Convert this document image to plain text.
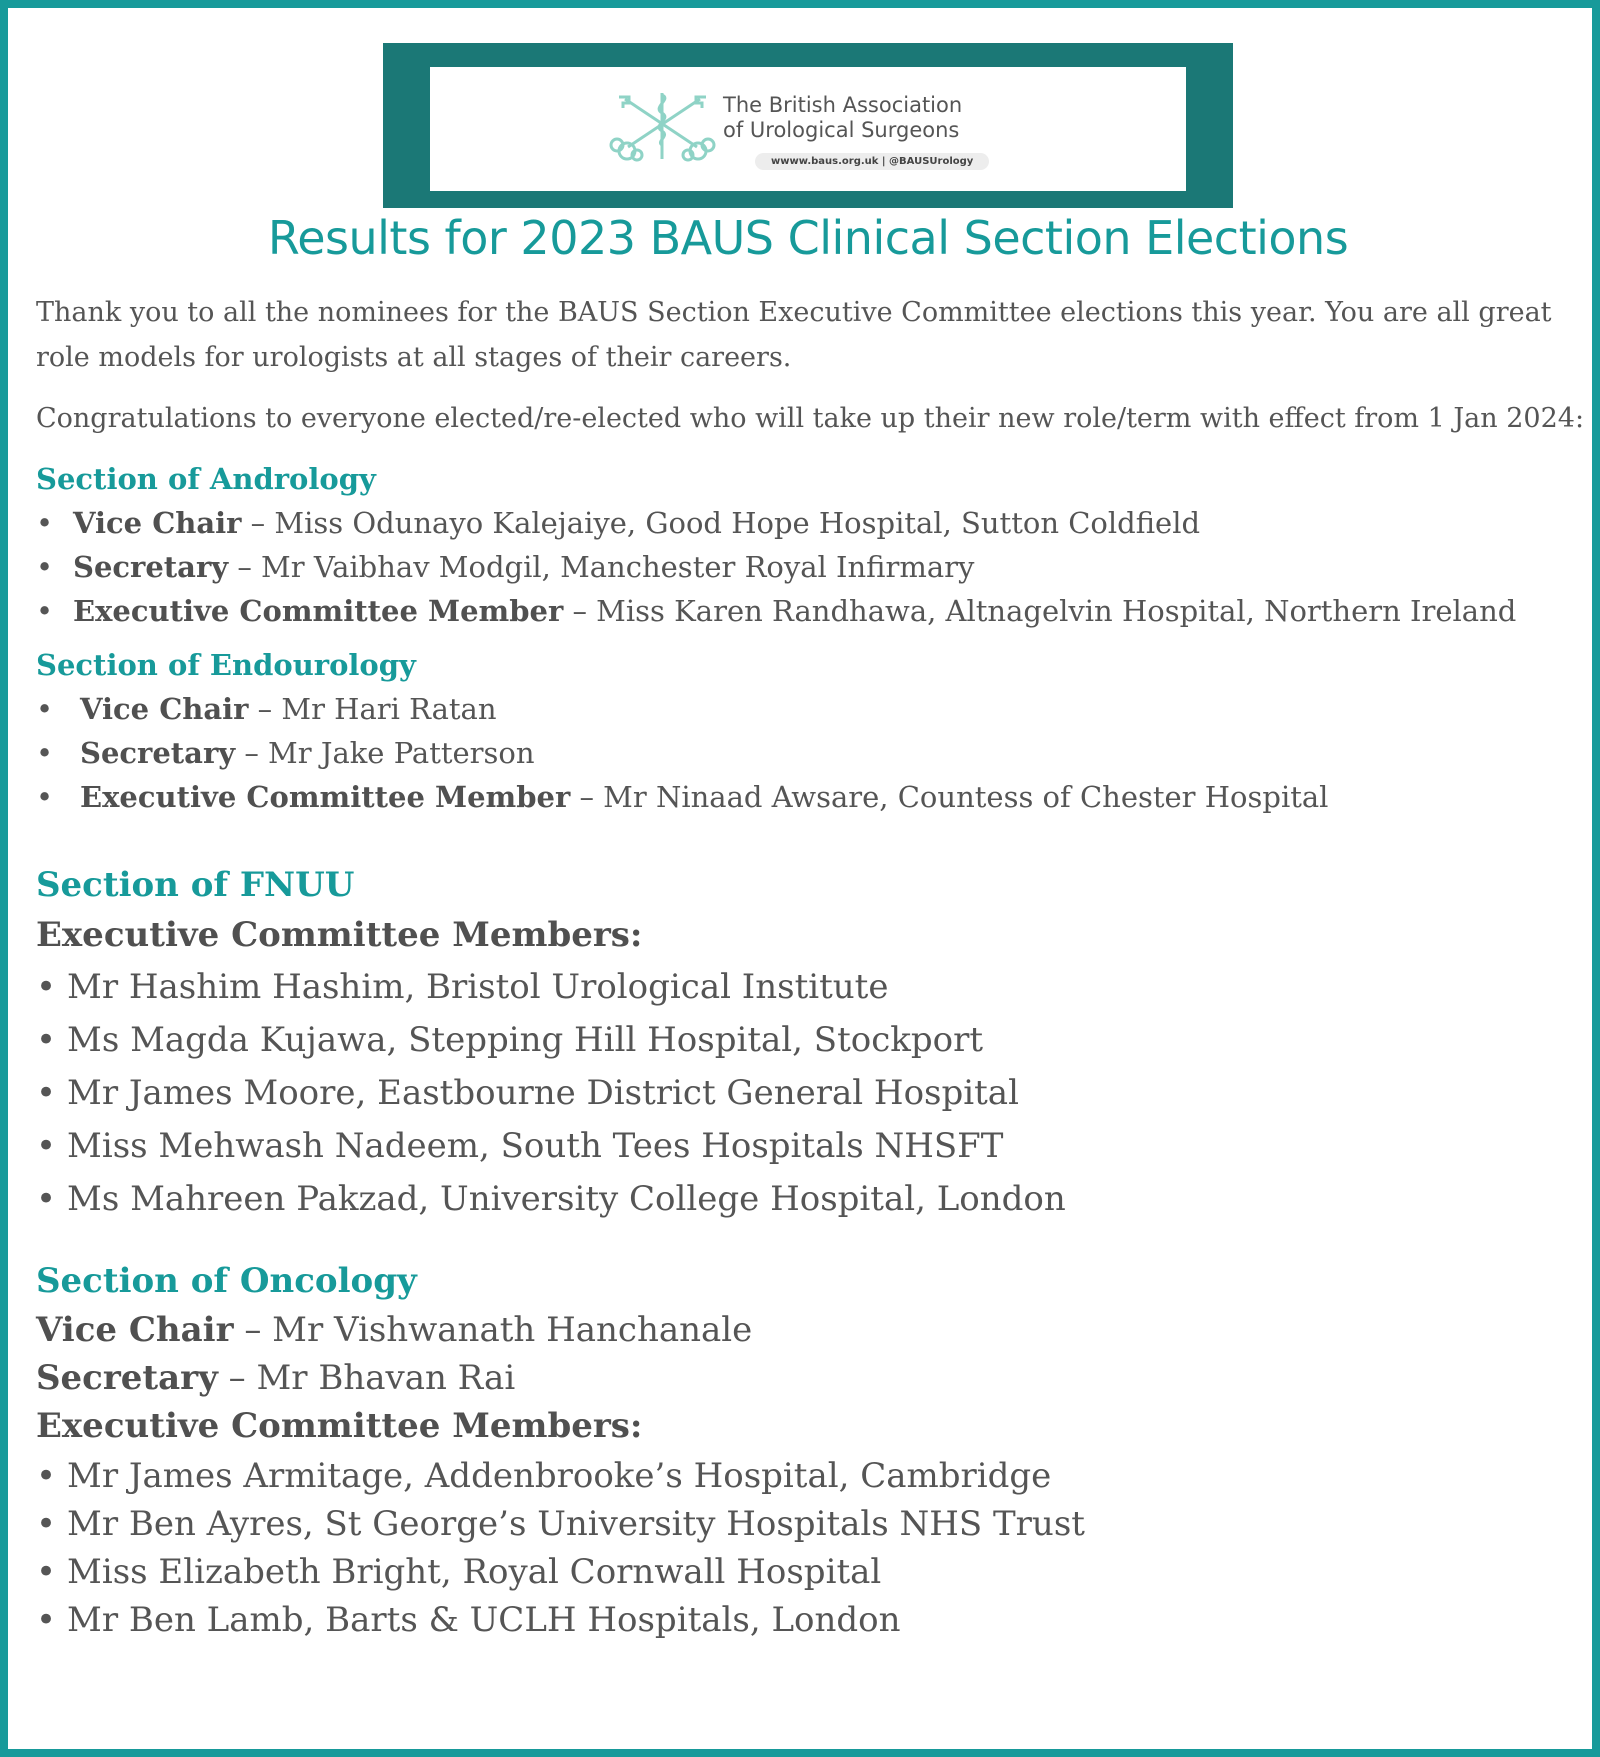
The British Association
of Urological Surgeons
wwww.baus.org.uk | @BAUSUrology
Results for 2023 BAUS Clinical Section Elections

Thank you to all the nominees for the BAUS Section Executive Committee elections this year. You are all great role models for urologists at all stages of their careers.

Congratulations to everyone elected/re-elected who will take up their new role/term with effect from 1 Jan 2024:

Section of Andrology
• Vice Chair – Miss Odunayo Kalejaiye, Good Hope Hospital, Sutton Coldfield
• Secretary – Mr Vaibhav Modgil, Manchester Royal Infirmary
• Executive Committee Member – Miss Karen Randhawa, Altnagelvin Hospital, Northern Ireland
Section of Endourology
• Vice Chair – Mr Hari Ratan
• Secretary – Mr Jake Patterson
• Executive Committee Member – Mr Ninaad Awsare, Countess of Chester Hospital
Section of FNUU
Executive Committee Members:
• Mr Hashim Hashim, Bristol Urological Institute
• Ms Magda Kujawa, Stepping Hill Hospital, Stockport
• Mr James Moore, Eastbourne District General Hospital
• Miss Mehwash Nadeem, South Tees Hospitals NHSFT
• Ms Mahreen Pakzad, University College Hospital, London
Section of Oncology
Vice Chair – Mr Vishwanath Hanchanale
Secretary – Mr Bhavan Rai
Executive Committee Members:
• Mr James Armitage, Addenbrooke’s Hospital, Cambridge
• Mr Ben Ayres, St George’s University Hospitals NHS Trust
• Miss Elizabeth Bright, Royal Cornwall Hospital
• Mr Ben Lamb, Barts & UCLH Hospitals, London
